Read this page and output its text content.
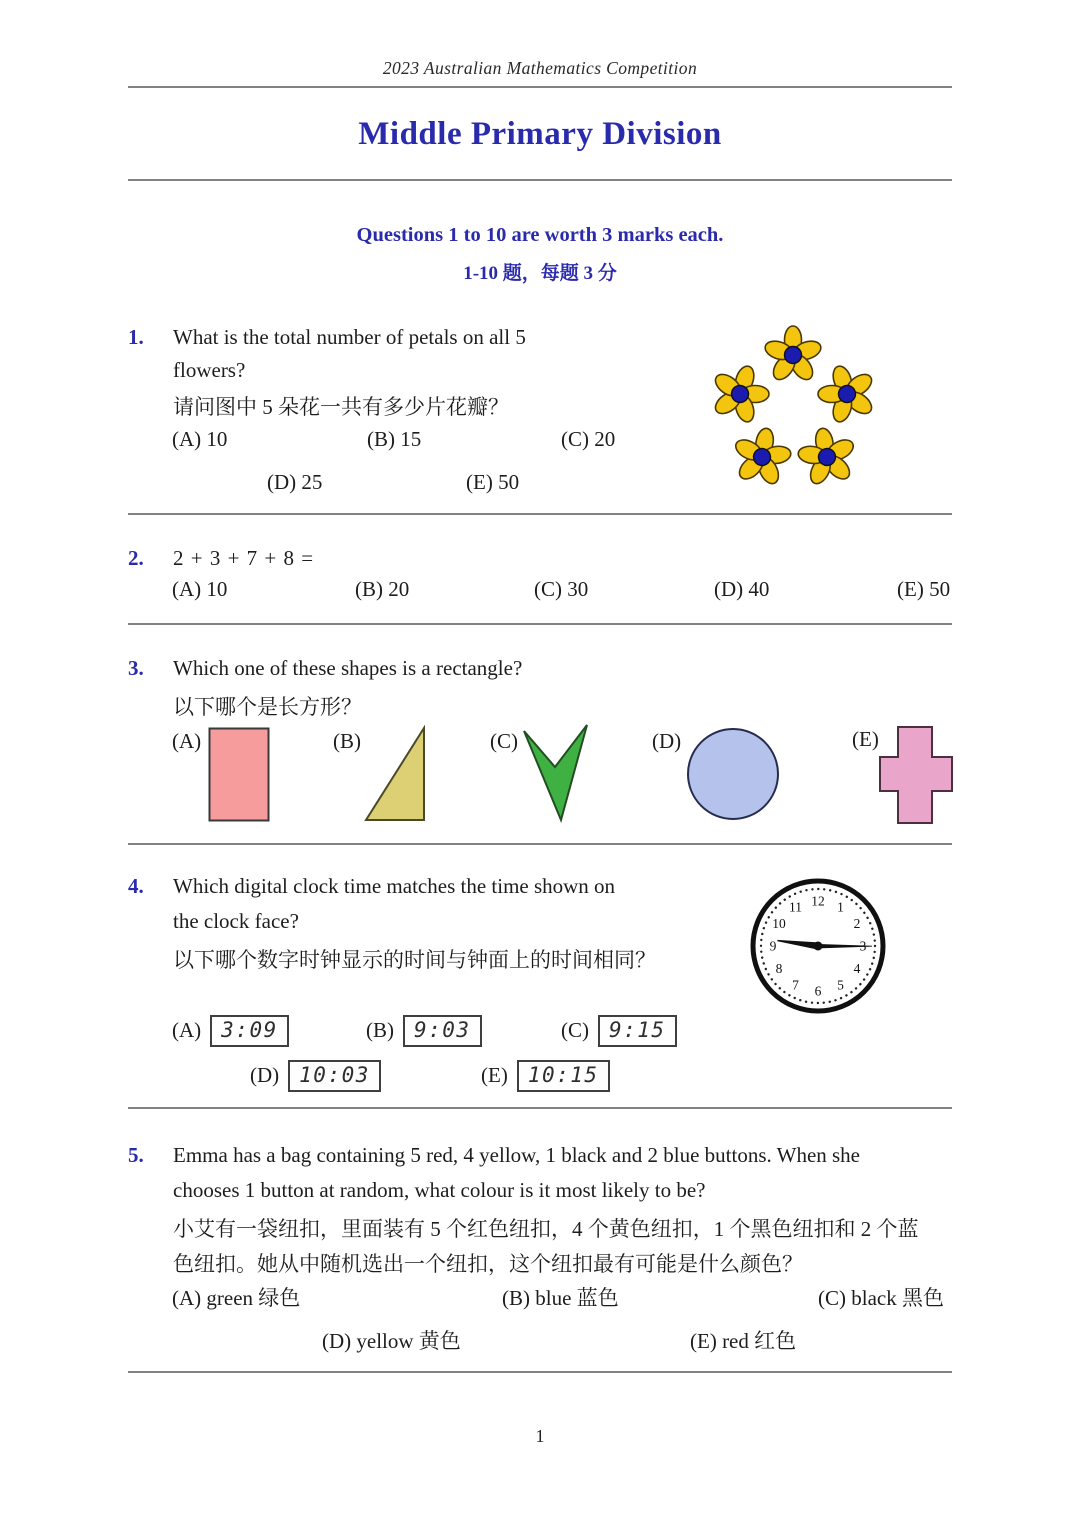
2023 Australian Mathematics Competition
Middle Primary Division
Questions 1 to 10 are worth 3 marks each.
1-10 题，每题 3 分
1. What is the total number of petals on all 5
flowers?
请问图中 5 朵花一共有多少片花瓣？
(A) 10	(B) 15	(C) 20
(D) 25	(E) 50
2. 2 + 3 + 7 + 8 =
(A) 10	(B) 20	(C) 30	(D) 40	(E) 50
3. Which one of these shapes is a rectangle?
以下哪个是长方形？
(A)	(B)	(C)	(D)	(E)
4. Which digital clock time matches the time shown on
the clock face?
以下哪个数字时钟显示的时间与钟面上的时间相同？
1
2
4
5
6
7
8
9
10
11 12
(A) 3:09	(B) 9:03	(C) 9:15
(D) 10:03	(E) 10:15
5. Emma has a bag containing 5 red, 4 yellow, 1 black and 2 blue buttons. When she
chooses 1 button at random, what colour is it most likely to be?
小艾有一袋纽扣，里面装有 5 个红色纽扣，4 个黄色纽扣，1 个黑色纽扣和 2 个蓝
色纽扣。她从中随机选出一个纽扣，这个纽扣最有可能是什么颜色？
(A) green 绿色	(B) blue 蓝色	(C) black 黑色
(D) yellow 黄色	(E) red 红色
1
